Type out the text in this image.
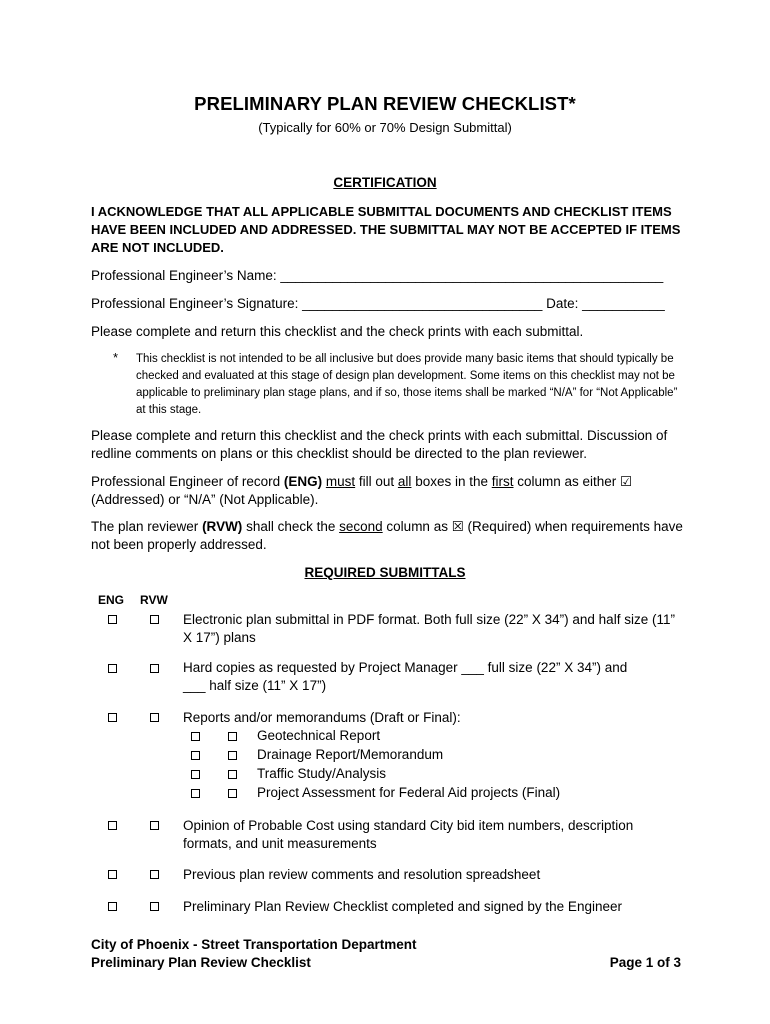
PRELIMINARY PLAN REVIEW CHECKLIST*
(Typically for 60% or 70% Design Submittal)
CERTIFICATION
I ACKNOWLEDGE THAT ALL APPLICABLE SUBMITTAL DOCUMENTS AND CHECKLIST ITEMS HAVE BEEN INCLUDED AND ADDRESSED. THE SUBMITTAL MAY NOT BE ACCEPTED IF ITEMS ARE NOT INCLUDED.
Professional Engineer’s Name: ___________________________________________________
Professional Engineer’s Signature: ________________________________ Date: ___________
Please complete and return this checklist and the check prints with each submittal.
* This checklist is not intended to be all inclusive but does provide many basic items that should typically be checked and evaluated at this stage of design plan development. Some items on this checklist may not be applicable to preliminary plan stage plans, and if so, those items shall be marked “N/A” for “Not Applicable” at this stage.
Please complete and return this checklist and the check prints with each submittal. Discussion of redline comments on plans or this checklist should be directed to the plan reviewer.
Professional Engineer of record (ENG) must fill out all boxes in the first column as either ☑ (Addressed) or “N/A” (Not Applicable).
The plan reviewer (RVW) shall check the second column as ☒ (Required) when requirements have not been properly addressed.
REQUIRED SUBMITTALS
ENG RVW
Electronic plan submittal in PDF format. Both full size (22” X 34”) and half size (11” X 17”) plans
Hard copies as requested by Project Manager ___ full size (22” X 34”) and ___ half size (11” X 17”)
Reports and/or memorandums (Draft or Final):
Geotechnical Report
Drainage Report/Memorandum
Traffic Study/Analysis
Project Assessment for Federal Aid projects (Final)
Opinion of Probable Cost using standard City bid item numbers, description formats, and unit measurements
Previous plan review comments and resolution spreadsheet
Preliminary Plan Review Checklist completed and signed by the Engineer
City of Phoenix - Street Transportation Department
Preliminary Plan Review Checklist	Page 1 of 3
